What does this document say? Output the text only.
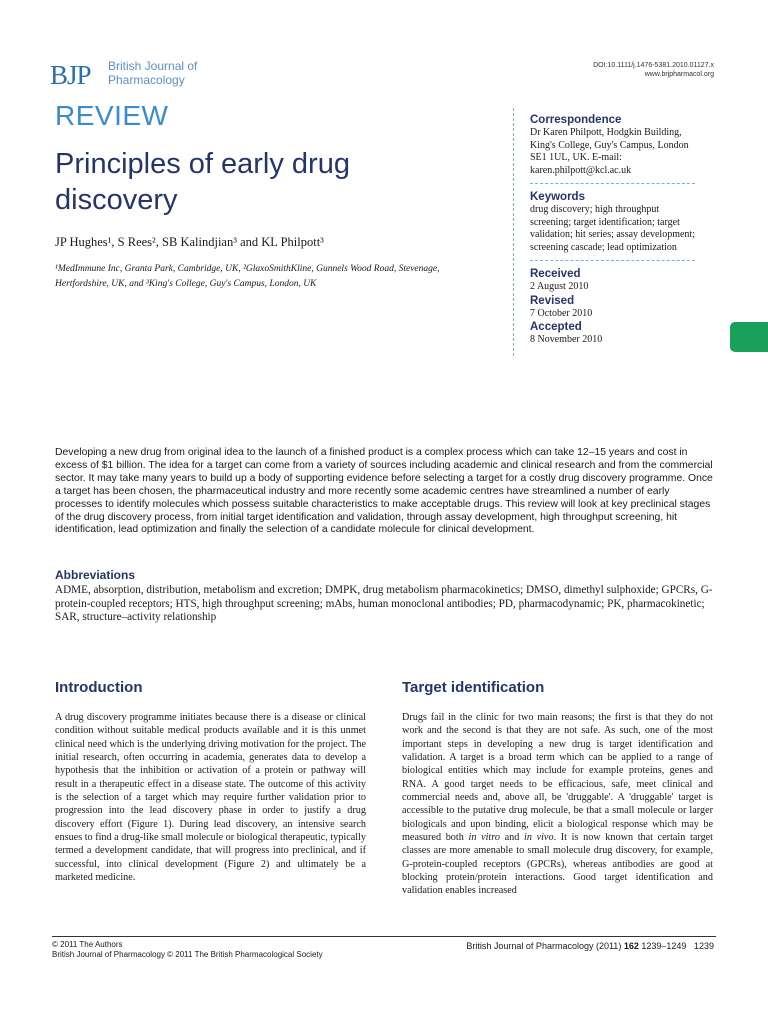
BJP	British Journal of Pharmacology
DOI:10.1111/j.1476-5381.2010.01127.x
www.brjpharmacol.org
REVIEW
Principles of early drug discovery
JP Hughes¹, S Rees², SB Kalindjian³ and KL Philpott³
¹MedImmune Inc, Granta Park, Cambridge, UK, ²GlaxoSmithKline, Gunnels Wood Road, Stevenage, Hertfordshire, UK, and ³King's College, Guy's Campus, London, UK

Correspondence

Dr Karen Philpott, Hodgkin Building, King's College, Guy's Campus, London SE1 1UL, UK. E-mail: karen.philpott@kcl.ac.uk

Keywords

drug discovery; high throughput screening; target identification; target validation; hit series; assay development; screening cascade; lead optimization

Received

2 August 2010

Revised

7 October 2010

Accepted

8 November 2010

Developing a new drug from original idea to the launch of a finished product is a complex process which can take 12–15 years and cost in excess of $1 billion. The idea for a target can come from a variety of sources including academic and clinical research and from the commercial sector. It may take many years to build up a body of supporting evidence before selecting a target for a costly drug discovery programme. Once a target has been chosen, the pharmaceutical industry and more recently some academic centres have streamlined a number of early processes to identify molecules which possess suitable characteristics to make acceptable drugs. This review will look at key preclinical stages of the drug discovery process, from initial target identification and validation, through assay development, high throughput screening, hit identification, lead optimization and finally the selection of a candidate molecule for clinical development.
Abbreviations
ADME, absorption, distribution, metabolism and excretion; DMPK, drug metabolism pharmacokinetics; DMSO, dimethyl sulphoxide; GPCRs, G-protein-coupled receptors; HTS, high throughput screening; mAbs, human monoclonal antibodies; PD, pharmacodynamic; PK, pharmacokinetic; SAR, structure–activity relationship
Introduction
A drug discovery programme initiates because there is a disease or clinical condition without suitable medical products available and it is this unmet clinical need which is the underlying driving motivation for the project. The initial research, often occurring in academia, generates data to develop a hypothesis that the inhibition or activation of a protein or pathway will result in a therapeutic effect in a disease state. The outcome of this activity is the selection of a target which may require further validation prior to progression into the lead discovery phase in order to justify a drug discovery effort (Figure 1). During lead discovery, an intensive search ensues to find a drug-like small molecule or biological therapeutic, typically termed a development candidate, that will progress into preclinical, and if successful, into clinical development (Figure 2) and ultimately be a marketed medicine.
Target identification
Drugs fail in the clinic for two main reasons; the first is that they do not work and the second is that they are not safe. As such, one of the most important steps in developing a new drug is target identification and validation. A target is a broad term which can be applied to a range of biological entities which may include for example proteins, genes and RNA. A good target needs to be efficacious, safe, meet clinical and commercial needs and, above all, be 'druggable'. A 'druggable' target is accessible to the putative drug molecule, be that a small molecule or larger biologicals and upon binding, elicit a biological response which may be measured both in vitro and in vivo. It is now known that certain target classes are more amenable to small molecule drug discovery, for example, G-protein-coupled receptors (GPCRs), whereas antibodies are good at blocking protein/protein interactions. Good target identification and validation enables increased
© 2011 The Authors
British Journal of Pharmacology © 2011 The British Pharmacological Society
British Journal of Pharmacology (2011) 162 1239–1249 1239
